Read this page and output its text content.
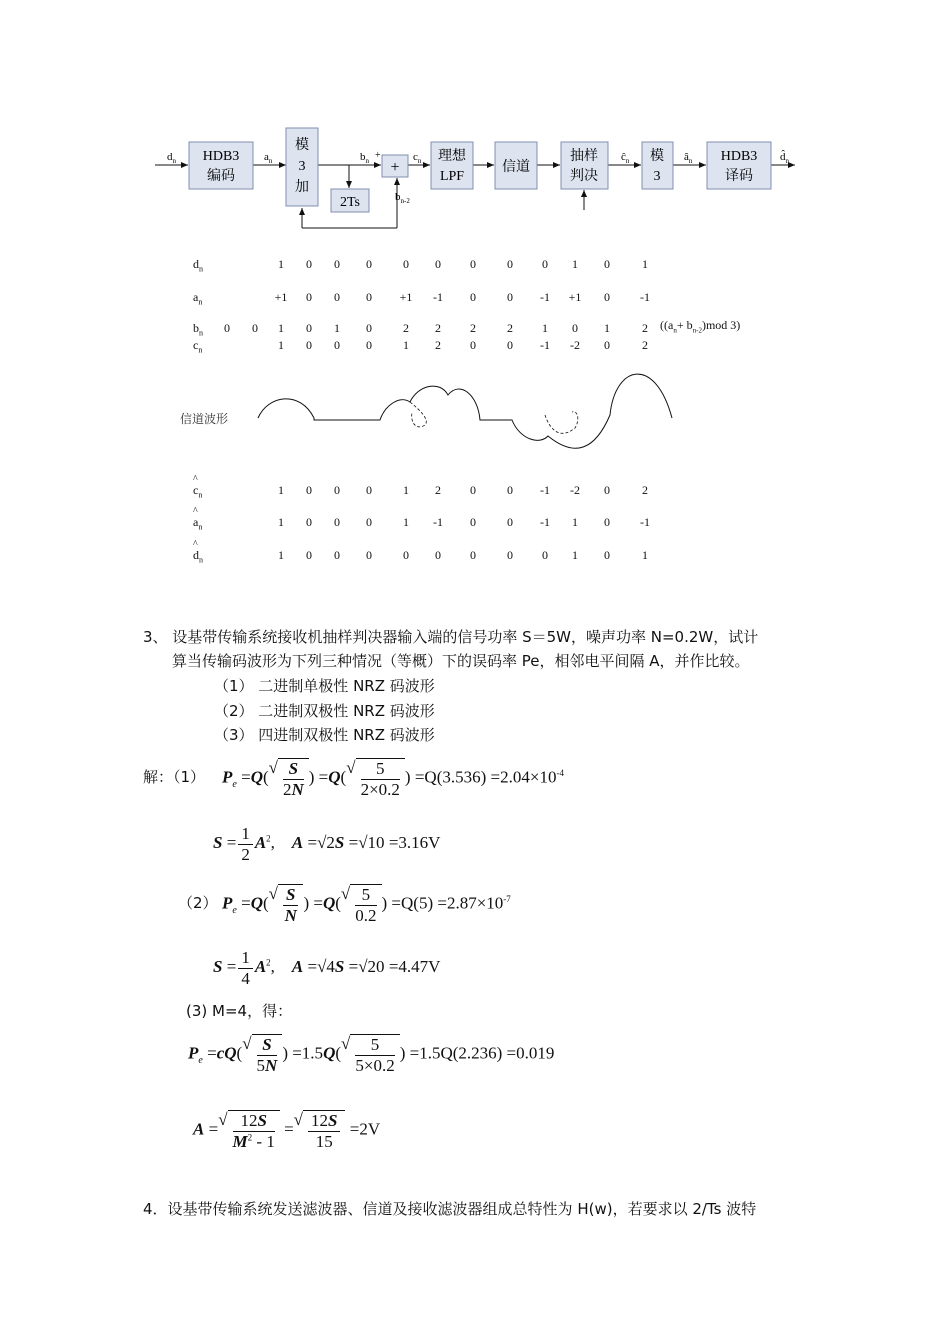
HDB3
编码
模
3
加
2Ts
+
理想
LPF
信道
抽样
判决
模
3
HDB3
译码
$d_n$	$a_n$	$b_n$ +	$c_n$
$b_{n-2}$
$ĉ_n$	$â_n$	$d̂_n$
$d_n$	1	0	0	0	0	0	0	0	0	1	0	1
$a_n$	+1	0	0	0	+1	-1	0	0	-1	+1	0	-1
$b_n$	0	0	1	0	1	0	2	2	2	2	1	0	1	2
$c_n$	1	0	0	0	1	2	0	0	-1	-2	0	2
^
$c_n$	1	0	0	0	1	2	0	0	-1	-2	0	2
^
$a_n$	1	0	0	0	1	-1	0	0	-1	1	0	-1
^
$d_n$	1	0	0	0	0	0	0	0	0	1	0	1
($(a_n+ b_{n-2})mod$ 3)
信道波形
3、 设基带传输系统接收机抽样判决器输入端的信号功率 S＝5W，噪声功率 N=0.2W，试计
算当传输码波形为下列三种情况（等概）下的误码率 Pe，相邻电平间隔 A，并作比较。
（1） 二进制单极性 NRZ 码波形
（2） 二进制双极性 NRZ 码波形
（3） 四进制双极性 NRZ 码波形
解：（1） $P_e =Q$( √ $\frac{S}{2N}$ ) =Q( √ $\frac{5}{2\times 0.2}$ ) $=Q(3.536) =2.04\times 10^{-4}$
$S = \frac{1}{2} A^2$,    A =√2S =√10 =3.16V
（2） $P_e =Q$( √ $\frac{S}{N}$ ) =Q( √ $\frac{5}{0.2}$ ) $=Q(5) =2.87\times 10^{-7}$
$S = \frac{1}{4} A^2$,    A =√4S =√20 =4.47V
(3) M=4，得：
$P_e =cQ$( √ $\frac{S}{5N}$ ) =1.5Q( √ $\frac{5}{5\times 0.2}$ ) =1.5Q(2.236) =0.019
A = √ $\frac{12S}{M^2 - 1}$ = √ $\frac{12S}{15} =2V$
4．设基带传输系统发送滤波器、信道及接收滤波器组成总特性为 H(w)，若要求以 2/Ts 波特
